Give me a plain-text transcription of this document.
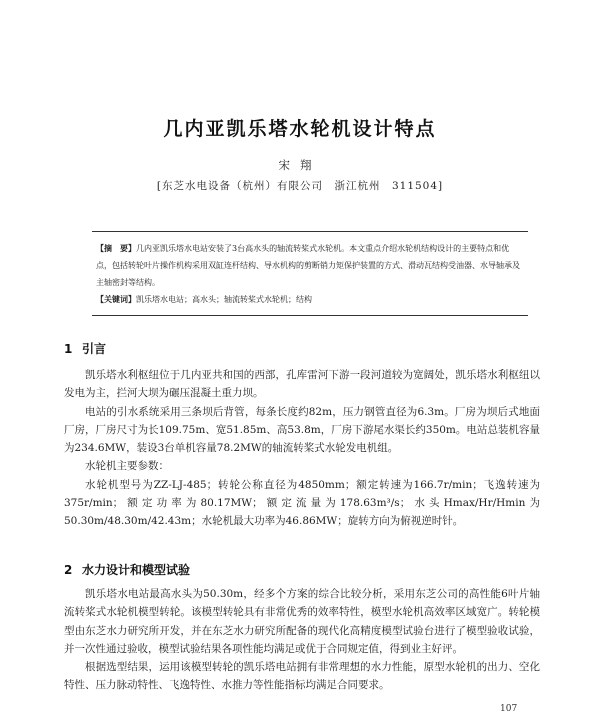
几内亚凯乐塔水轮机设计特点
宋翔
[东芝水电设备（杭州）有限公司　浙江杭州　311504]
【摘　要】几内亚凯乐塔水电站安装了3台高水头的轴流转桨式水轮机。本文重点介绍水轮机结构设计的主要特点和优点，包括转轮叶片操作机构采用双缸连杆结构、导水机构的剪断销力矩保护装置的方式、滑动瓦结构受油器、水导轴承及主轴密封等结构。
【关键词】凯乐塔水电站；高水头；轴流转桨式水轮机；结构
1 引言

凯乐塔水利枢纽位于几内亚共和国的西部，孔库雷河下游一段河道较为宽阔处，凯乐塔水利枢纽以发电为主，拦河大坝为碾压混凝土重力坝。

电站的引水系统采用三条坝后背管，每条长度约82m，压力钢管直径为6.3m。厂房为坝后式地面厂房，厂房尺寸为长109.75m、宽51.85m、高53.8m，厂房下游尾水渠长约350m。电站总装机容量为234.6MW，装设3台单机容量78.2MW的轴流转桨式水轮发电机组。

水轮机主要参数：

水轮机型号为ZZ-LJ-485；转轮公称直径为4850mm；额定转速为166.7r/min；飞逸转速为375r/min；额定功率为80.17MW；额定流量为178.63m³/s；水头Hmax/Hr/Hmin为50.30m/48.30m/42.43m；水轮机最大功率为46.86MW；旋转方向为俯视逆时针。

2 水力设计和模型试验

凯乐塔水电站最高水头为50.30m，经多个方案的综合比较分析，采用东芝公司的高性能6叶片轴流转桨式水轮机模型转轮。该模型转轮具有非常优秀的效率特性，模型水轮机高效率区域宽广。转轮模型由东芝水力研究所开发，并在东芝水力研究所配备的现代化高精度模型试验台进行了模型验收试验，并一次性通过验收，模型试验结果各项性能均满足或优于合同规定值，得到业主好评。

根据选型结果，运用该模型转轮的凯乐塔电站拥有非常理想的水力性能，原型水轮机的出力、空化特性、压力脉动特性、飞逸特性、水推力等性能指标均满足合同要求。

107
